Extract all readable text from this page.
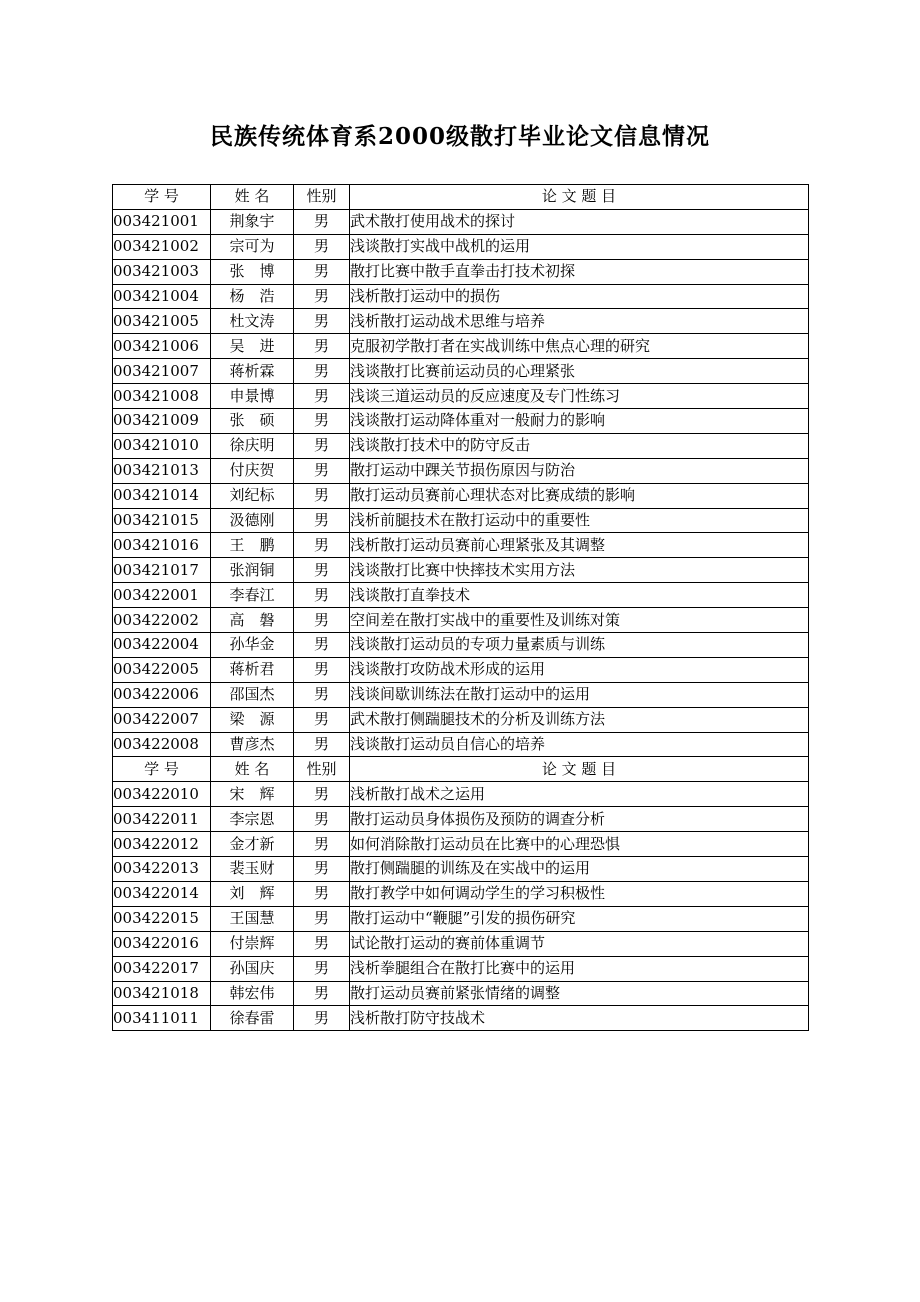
民族传统体育系2000级散打毕业论文信息情况
学 号	姓 名	性别	论 文 题 目
003421001	荆象宇	男	武术散打使用战术的探讨
003421002	宗可为	男	浅谈散打实战中战机的运用
003421003	张　博	男	散打比赛中散手直拳击打技术初探
003421004	杨　浩	男	浅析散打运动中的损伤
003421005	杜文涛	男	浅析散打运动战术思维与培养
003421006	吴　进	男	克服初学散打者在实战训练中焦点心理的研究
003421007	蒋析霖	男	浅谈散打比赛前运动员的心理紧张
003421008	申景博	男	浅谈三道运动员的反应速度及专门性练习
003421009	张　硕	男	浅谈散打运动降体重对一般耐力的影响
003421010	徐庆明	男	浅谈散打技术中的防守反击
003421013	付庆贺	男	散打运动中踝关节损伤原因与防治
003421014	刘纪标	男	散打运动员赛前心理状态对比赛成绩的影响
003421015	汲德刚	男	浅析前腿技术在散打运动中的重要性
003421016	王　鹏	男	浅析散打运动员赛前心理紧张及其调整
003421017	张润铜	男	浅谈散打比赛中快摔技术实用方法
003422001	李春江	男	浅谈散打直拳技术
003422002	高　磐	男	空间差在散打实战中的重要性及训练对策
003422004	孙华金	男	浅谈散打运动员的专项力量素质与训练
003422005	蒋析君	男	浅谈散打攻防战术形成的运用
003422006	邵国杰	男	浅谈间歇训练法在散打运动中的运用
003422007	梁　源	男	武术散打侧踹腿技术的分析及训练方法
003422008	曹彦杰	男	浅谈散打运动员自信心的培养
学 号	姓 名	性别	论 文 题 目
003422010	宋　辉	男	浅析散打战术之运用
003422011	李宗恩	男	散打运动员身体损伤及预防的调查分析
003422012	金才新	男	如何消除散打运动员在比赛中的心理恐惧
003422013	裴玉财	男	散打侧踹腿的训练及在实战中的运用
003422014	刘　辉	男	散打教学中如何调动学生的学习积极性
003422015	王国慧	男	散打运动中“鞭腿”引发的损伤研究
003422016	付崇辉	男	试论散打运动的赛前体重调节
003422017	孙国庆	男	浅析拳腿组合在散打比赛中的运用
003421018	韩宏伟	男	散打运动员赛前紧张情绪的调整
003411011	徐春雷	男	浅析散打防守技战术
